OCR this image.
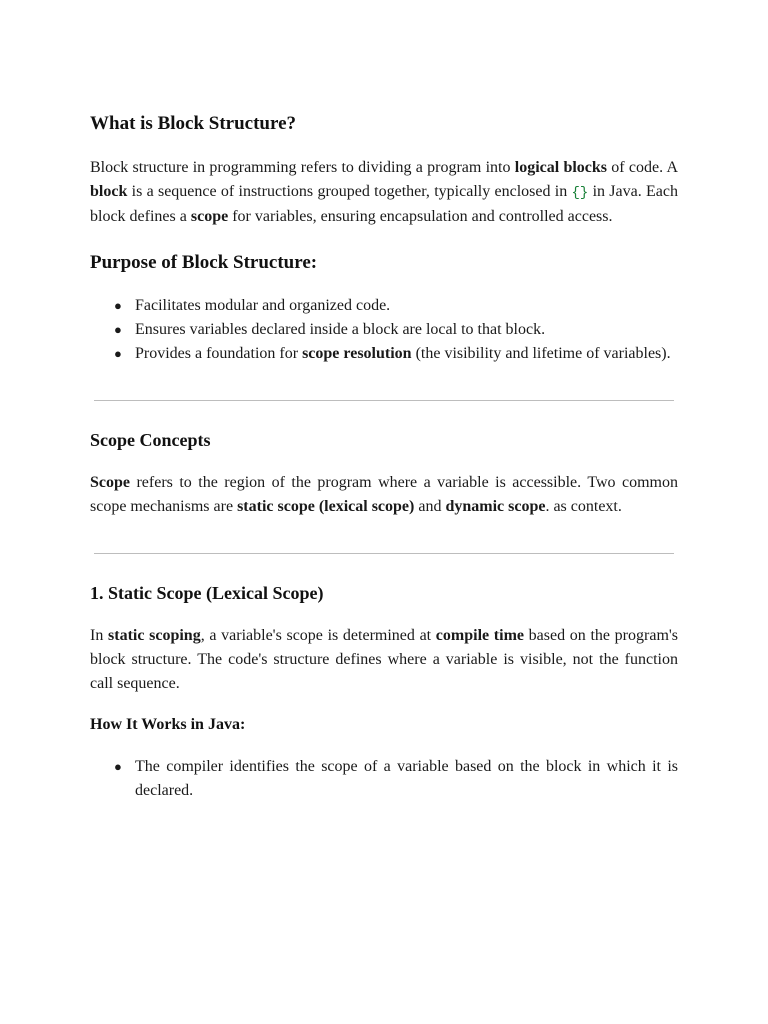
What is Block Structure?

Block structure in programming refers to dividing a program into logical blocks of code. A block is a sequence of instructions grouped together, typically enclosed in {} in Java. Each block defines a scope for variables, ensuring encapsulation and controlled access.

Purpose of Block Structure:
● Facilitates modular and organized code.
● Ensures variables declared inside a block are local to that block.
● Provides a foundation for scope resolution (the visibility and lifetime of variables).
Scope Concepts

Scope refers to the region of the program where a variable is accessible. Two common scope mechanisms are static scope (lexical scope) and dynamic scope. as context.

1. Static Scope (Lexical Scope)

In static scoping, a variable's scope is determined at compile time based on the program's block structure. The code's structure defines where a variable is visible, not the function call sequence.

How It Works in Java:
● The compiler identifies the scope of a variable based on the block in which it is declared.
